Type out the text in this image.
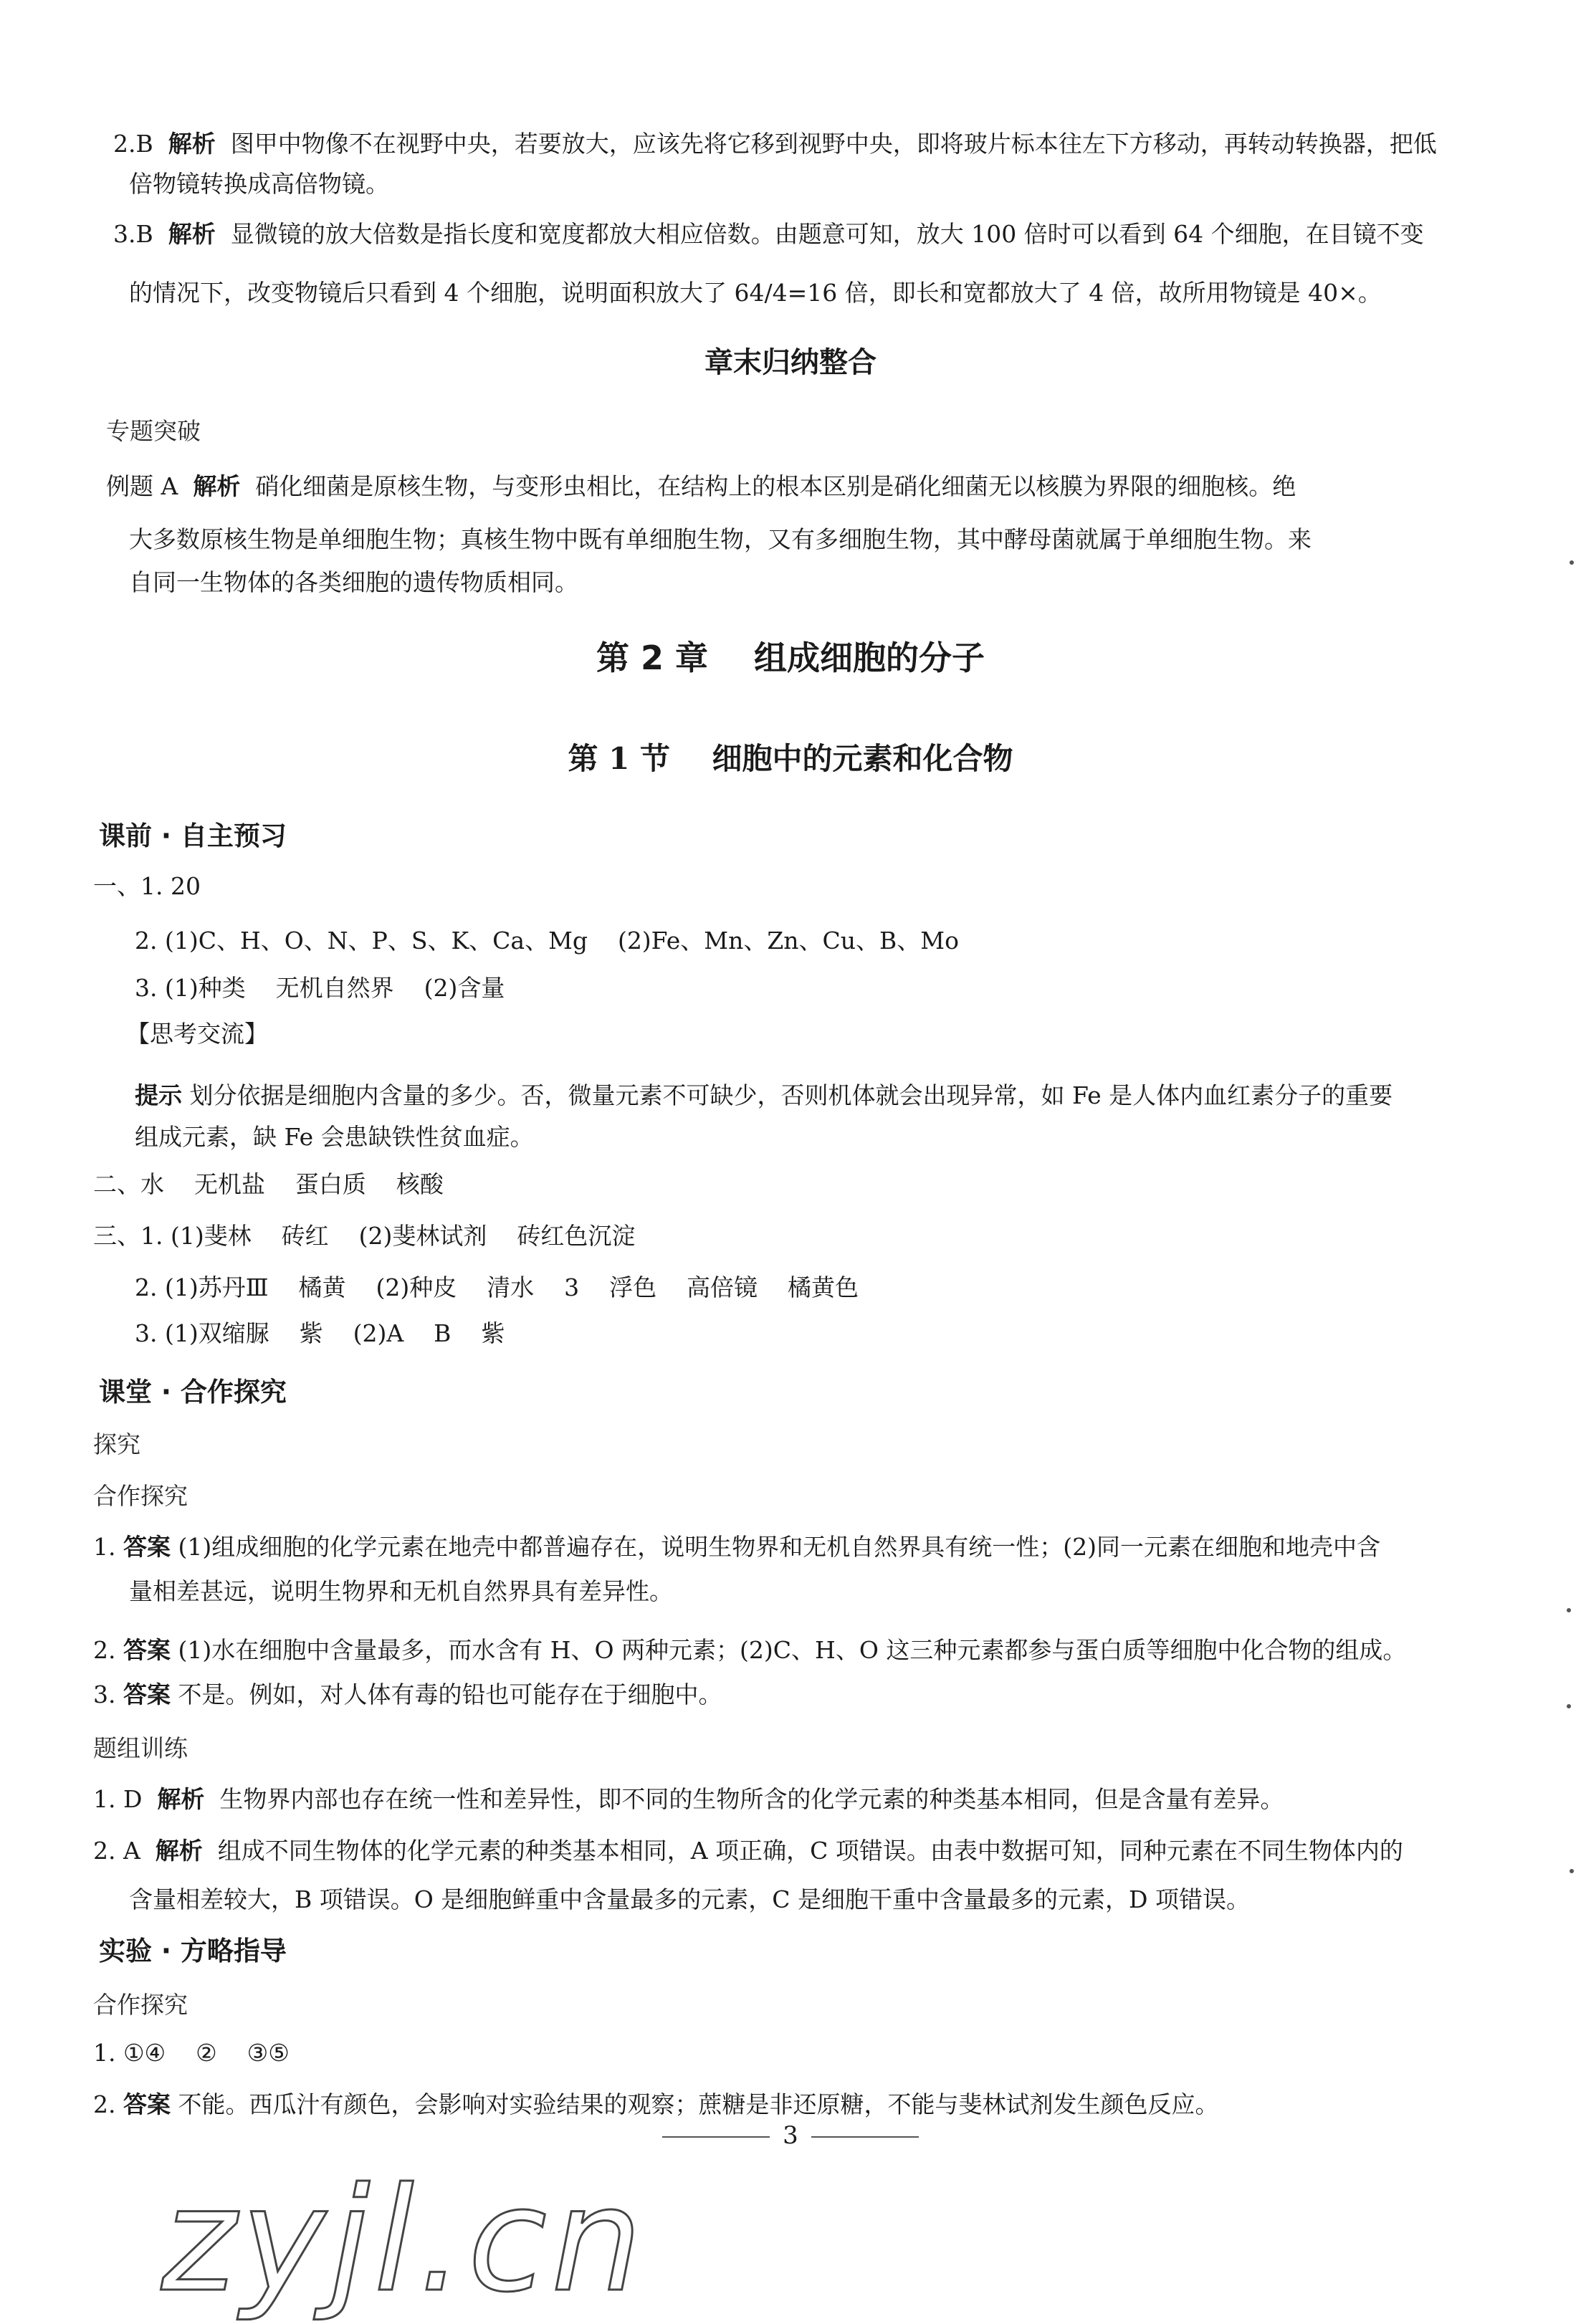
2.B 解析 图甲中物像不在视野中央，若要放大，应该先将它移到视野中央，即将玻片标本往左下方移动，再转动转换器，把低
倍物镜转换成高倍物镜。
3.B 解析 显微镜的放大倍数是指长度和宽度都放大相应倍数。由题意可知，放大 100 倍时可以看到 64 个细胞，在目镜不变
的情况下，改变物镜后只看到 4 个细胞，说明面积放大了 64/4=16 倍，即长和宽都放大了 4 倍，故所用物镜是 40×。
章末归纳整合
专题突破
例题 A 解析 硝化细菌是原核生物，与变形虫相比，在结构上的根本区别是硝化细菌无以核膜为界限的细胞核。绝
大多数原核生物是单细胞生物；真核生物中既有单细胞生物，又有多细胞生物，其中酵母菌就属于单细胞生物。来
自同一生物体的各类细胞的遗传物质相同。
第 2 章    组成细胞的分子
第 1 节    细胞中的元素和化合物
课前 · 自主预习
一、1. 20
2. (1)C、H、O、N、P、S、K、Ca、Mg    (2)Fe、Mn、Zn、Cu、B、Mo
3. (1)种类    无机自然界    (2)含量
【思考交流】
提示 划分依据是细胞内含量的多少。否，微量元素不可缺少，否则机体就会出现异常，如 Fe 是人体内血红素分子的重要
组成元素，缺 Fe 会患缺铁性贫血症。
二、水    无机盐    蛋白质    核酸
三、1. (1)斐林    砖红    (2)斐林试剂    砖红色沉淀
2. (1)苏丹Ⅲ    橘黄    (2)种皮    清水    3    浮色    高倍镜    橘黄色
3. (1)双缩脲    紫    (2)A    B    紫
课堂 · 合作探究
探究
合作探究
1. 答案 (1)组成细胞的化学元素在地壳中都普遍存在，说明生物界和无机自然界具有统一性；(2)同一元素在细胞和地壳中含
量相差甚远，说明生物界和无机自然界具有差异性。
2. 答案 (1)水在细胞中含量最多，而水含有 H、O 两种元素；(2)C、H、O 这三种元素都参与蛋白质等细胞中化合物的组成。
3. 答案 不是。例如，对人体有毒的铅也可能存在于细胞中。
题组训练
1. D 解析 生物界内部也存在统一性和差异性，即不同的生物所含的化学元素的种类基本相同，但是含量有差异。
2. A 解析 组成不同生物体的化学元素的种类基本相同，A 项正确，C 项错误。由表中数据可知，同种元素在不同生物体内的
含量相差较大，B 项错误。O 是细胞鲜重中含量最多的元素，C 是细胞干重中含量最多的元素，D 项错误。
实验 · 方略指导
合作探究
1. ①④    ②    ③⑤
2. 答案 不能。西瓜汁有颜色，会影响对实验结果的观察；蔗糖是非还原糖，不能与斐林试剂发生颜色反应。
3
zyjl.cn
